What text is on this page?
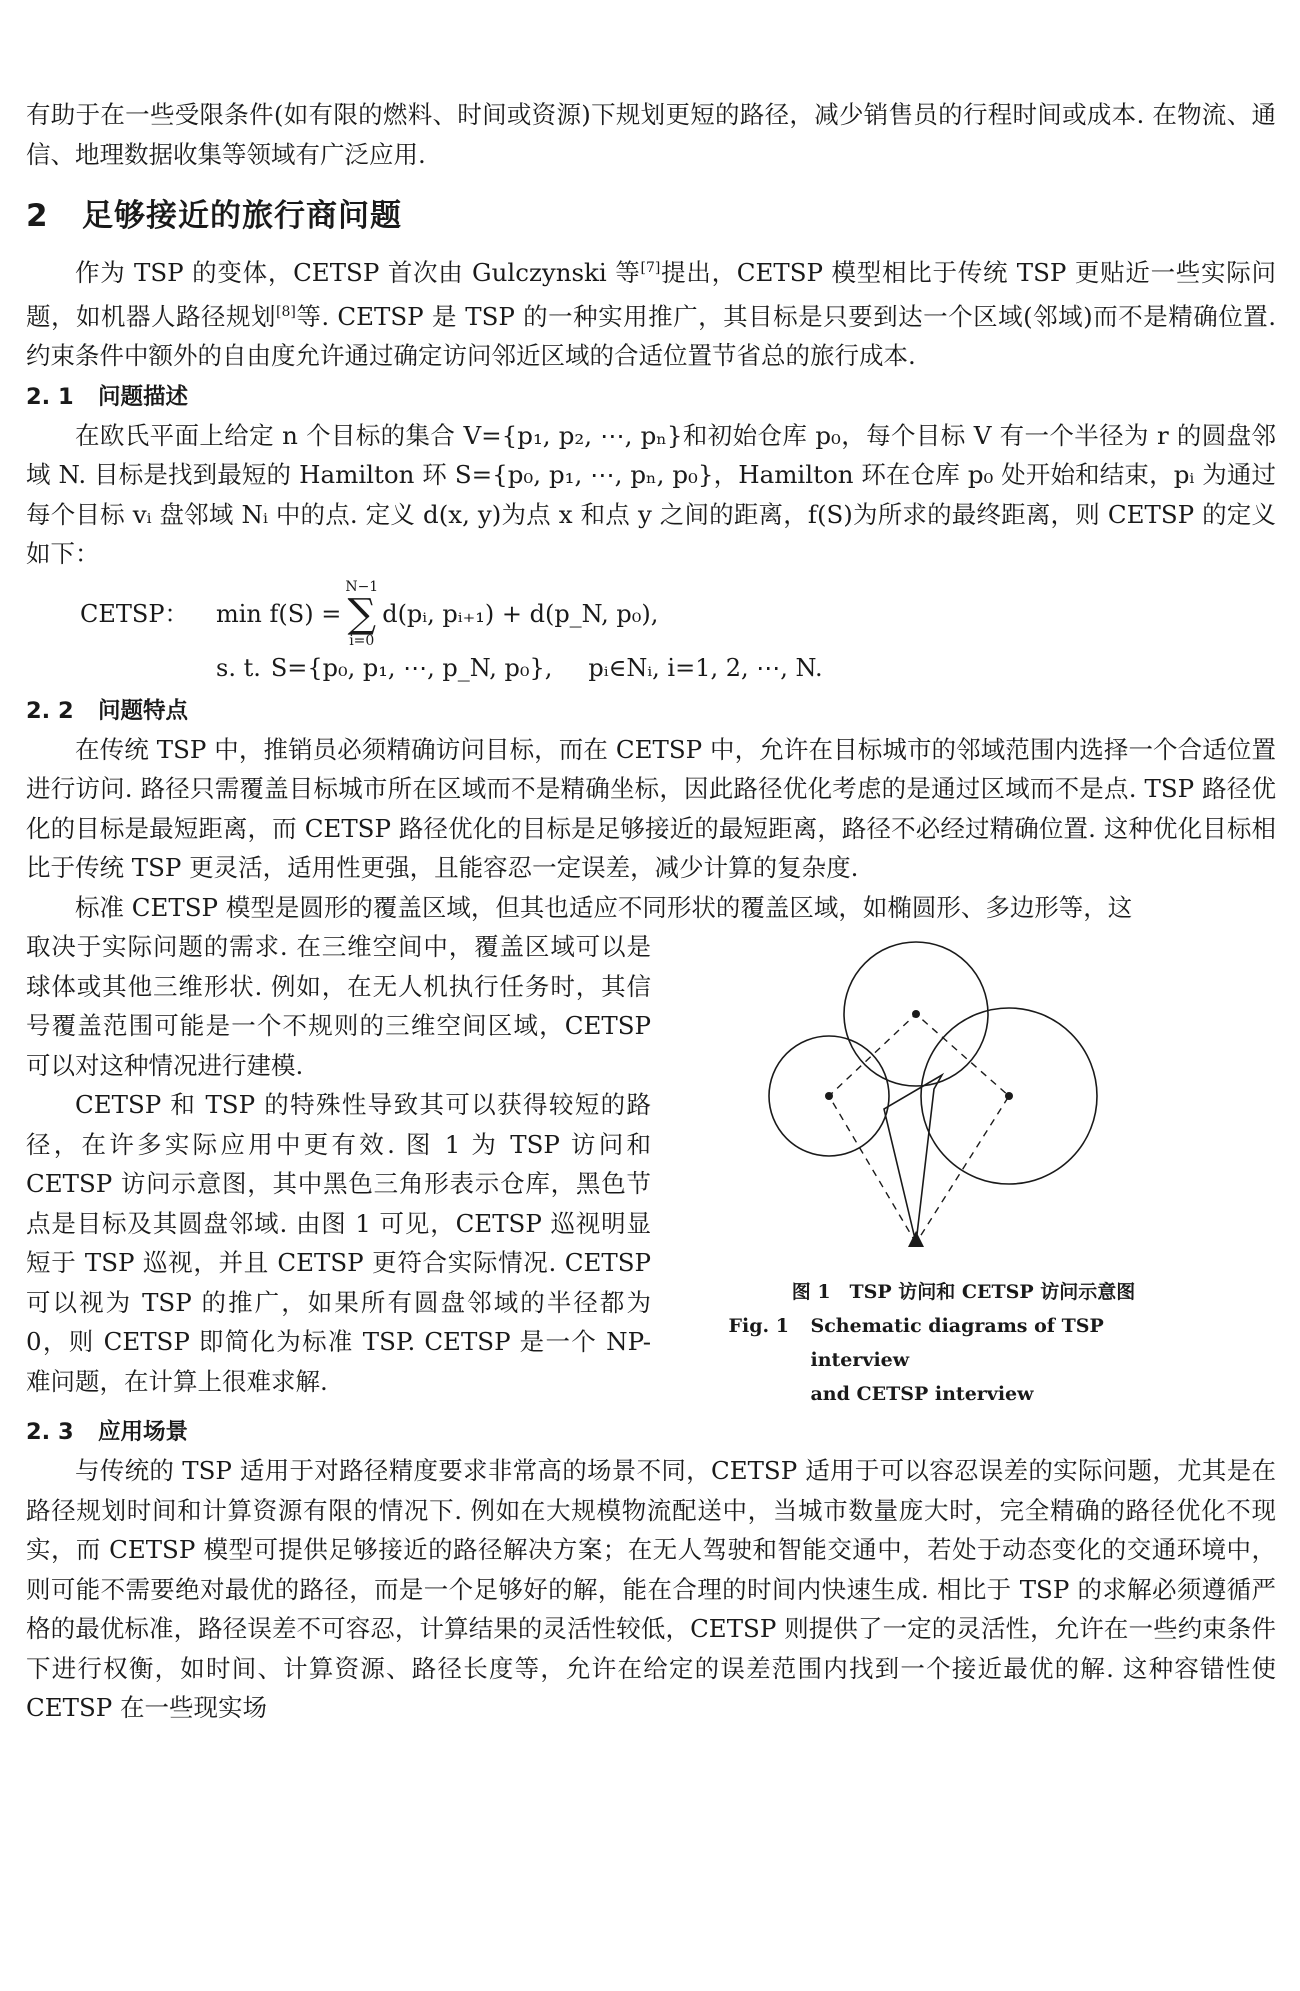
有助于在一些受限条件(如有限的燃料、时间或资源)下规划更短的路径，减少销售员的行程时间或成本. 在物流、通信、地理数据收集等领域有广泛应用.

2 足够接近的旅行商问题

作为 TSP 的变体，CETSP 首次由 Gulczynski 等[7]提出，CETSP 模型相比于传统 TSP 更贴近一些实际问题，如机器人路径规划[8]等. CETSP 是 TSP 的一种实用推广，其目标是只要到达一个区域(邻域)而不是精确位置. 约束条件中额外的自由度允许通过确定访问邻近区域的合适位置节省总的旅行成本.

2. 1 问题描述

在欧氏平面上给定 n 个目标的集合 V={p₁, p₂, ⋯, pₙ}和初始仓库 p₀，每个目标 V 有一个半径为 r 的圆盘邻域 N. 目标是找到最短的 Hamilton 环 S={p₀, p₁, ⋯, pₙ, p₀}，Hamilton 环在仓库 p₀ 处开始和结束，pᵢ 为通过每个目标 vᵢ 盘邻域 Nᵢ 中的点. 定义 d(x, y)为点 x 和点 y 之间的距离，f(S)为所求的最终距离，则 CETSP 的定义如下：

CETSP：	min f(S) =
N−1
∑
i=0
d(pᵢ, pᵢ₊₁) + d(p_N, p₀),
s. t. S={p₀, p₁, ⋯, p_N, p₀}, pᵢ∈Nᵢ, i=1, 2, ⋯, N.
2. 2 问题特点

在传统 TSP 中，推销员必须精确访问目标，而在 CETSP 中，允许在目标城市的邻域范围内选择一个合适位置进行访问. 路径只需覆盖目标城市所在区域而不是精确坐标，因此路径优化考虑的是通过区域而不是点. TSP 路径优化的目标是最短距离，而 CETSP 路径优化的目标是足够接近的最短距离，路径不必经过精确位置. 这种优化目标相比于传统 TSP 更灵活，适用性更强，且能容忍一定误差，减少计算的复杂度.

标准 CETSP 模型是圆形的覆盖区域，但其也适应不同形状的覆盖区域，如椭圆形、多边形等，这

取决于实际问题的需求. 在三维空间中，覆盖区域可以是球体或其他三维形状. 例如，在无人机执行任务时，其信号覆盖范围可能是一个不规则的三维空间区域，CETSP 可以对这种情况进行建模.

CETSP 和 TSP 的特殊性导致其可以获得较短的路径，在许多实际应用中更有效. 图 1 为 TSP 访问和 CETSP 访问示意图，其中黑色三角形表示仓库，黑色节点是目标及其圆盘邻域. 由图 1 可见，CETSP 巡视明显短于 TSP 巡视，并且 CETSP 更符合实际情况. CETSP 可以视为 TSP 的推广，如果所有圆盘邻域的半径都为 0，则 CETSP 即简化为标准 TSP. CETSP 是一个 NP-难问题，在计算上很难求解.

图 1　TSP 访问和 CETSP 访问示意图
Fig. 1	Schematic diagrams of TSP interview
and CETSP interview
2. 3 应用场景

与传统的 TSP 适用于对路径精度要求非常高的场景不同，CETSP 适用于可以容忍误差的实际问题，尤其是在路径规划时间和计算资源有限的情况下. 例如在大规模物流配送中，当城市数量庞大时，完全精确的路径优化不现实，而 CETSP 模型可提供足够接近的路径解决方案；在无人驾驶和智能交通中，若处于动态变化的交通环境中，则可能不需要绝对最优的路径，而是一个足够好的解，能在合理的时间内快速生成. 相比于 TSP 的求解必须遵循严格的最优标准，路径误差不可容忍，计算结果的灵活性较低，CETSP 则提供了一定的灵活性，允许在一些约束条件下进行权衡，如时间、计算资源、路径长度等，允许在给定的误差范围内找到一个接近最优的解. 这种容错性使 CETSP 在一些现实场
